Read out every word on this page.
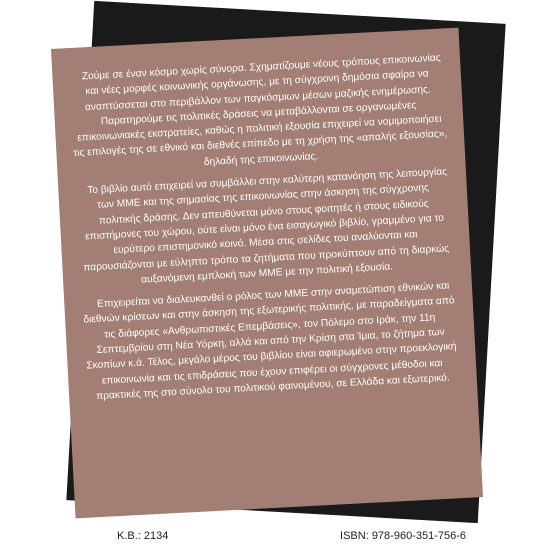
Ζούμε σε έναν κόσμο χωρίς σύνορα. Σχηματίζουμε νέους τρόπους επικοινωνίας και νέες μορφές κοινωνικής οργάνωσης, με τη σύγχρονη δημόσια σφαίρα να αναπτύσσεται στο περιβάλλον των παγκόσμιων μέσων μαζικής ενημέρωσης. Παρατηρούμε τις πολιτικές δράσεις να μεταβάλλονται σε οργανωμένες επικοινωνιακές εκστρατείες, καθώς η πολιτική εξουσία επιχειρεί να νομιμοποιήσει τις επιλογές της σε εθνικό και διεθνές επίπεδο με τη χρήση της «απαλής εξουσίας», δηλαδή της επικοινωνίας.

Το βιβλίο αυτό επιχειρεί να συμβάλλει στην καλύτερη κατανόηση της λειτουργίας των ΜΜΕ και της σημασίας της επικοινωνίας στην άσκηση της σύγχρονης πολιτικής δράσης. Δεν απευθύνεται μόνο στους φοιτητές ή στους ειδικούς επιστήμονες του χώρου, ούτε είναι μόνο ένα εισαγωγικό βιβλίο, γραμμένο για το ευρύτερο επιστημονικό κοινό. Μέσα στις σελίδες του αναλύονται και παρουσιάζονται με εύληπτο τρόπο τα ζητήματα που προκύπτουν από τη διαρκώς αυξανόμενη εμπλοκή των ΜΜΕ με την πολιτική εξουσία.

Επιχειρείται να διαλευκανθεί ο ρόλος των ΜΜΕ στην αναμετώπιση εθνικών και διεθνών κρίσεων και στην άσκηση της εξωτερικής πολιτικής, με παραδείγματα από τις διάφορες «Ανθρωπιστικές Επεμβάσεις», τον Πόλεμο στο Ιράκ, την 11η Σεπτεμβρίου στη Νέα Υόρκη, αλλά και από την Κρίση στα Ίμια, το ζήτημα των Σκοπίων κ.ά. Τέλος, μεγάλο μέρος του βιβλίου είναι αφιερωμένο στην προεκλογική επικοινωνία και τις επιδράσεις που έχουν επιφέρει οι σύγχρονες μέθοδοι και πρακτικές της στο σύνολο του πολιτικού φαινομένου, σε Ελλάδα και εξωτερικό.

Κ.Β.: 2134	ISBN: 978-960-351-756-6
